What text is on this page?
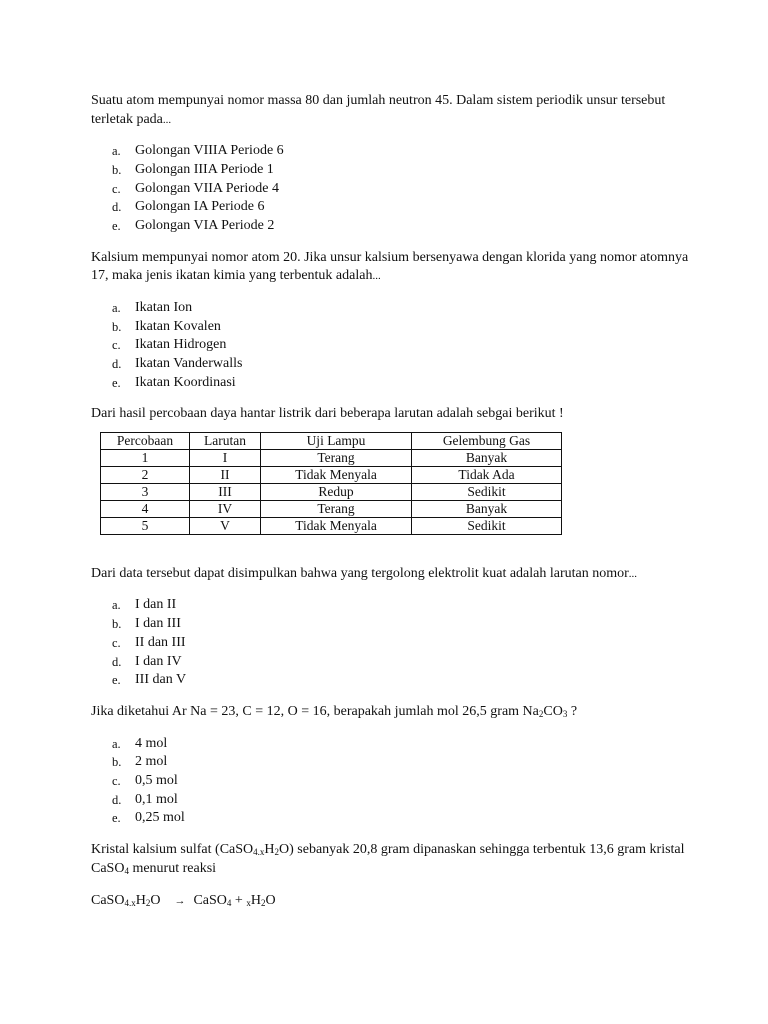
Suatu atom mempunyai nomor massa 80 dan jumlah neutron 45. Dalam sistem periodik unsur tersebut terletak pada...

a.	Golongan VIIIA Periode 6
b. Golongan IIIA Periode 1
c.	Golongan VIIA Periode 4
d. Golongan IA Periode 6
e.	Golongan VIA Periode 2

Kalsium mempunyai nomor atom 20. Jika unsur kalsium bersenyawa dengan klorida yang nomor atomnya 17, maka jenis ikatan kimia yang terbentuk adalah...

a.	Ikatan Ion
b. Ikatan Kovalen
c.	Ikatan Hidrogen
d. Ikatan Vanderwalls
e.	Ikatan Koordinasi

Dari hasil percobaan daya hantar listrik dari beberapa larutan adalah sebgai berikut !

Percobaan	Larutan	Uji Lampu	Gelembung Gas
1	I	Terang	Banyak
2	II	Tidak Menyala	Tidak Ada
3	III	Redup	Sedikit
4	IV	Terang	Banyak
5	V	Tidak Menyala	Sedikit

Dari data tersebut dapat disimpulkan bahwa yang tergolong elektrolit kuat adalah larutan nomor...

a.	I dan II
b. I dan III
c.	II dan III
d. I dan IV
e.	III dan V

Jika diketahui Ar Na = 23, C = 12, O = 16, berapakah jumlah mol 26,5 gram $Na_2CO_3$ ?

a.	4 mol
b. 2 mol
c.	0,5 mol
d. 0,1 mol
e.	0,25 mol

Kristal kalsium sulfat $(CaSO_{4.x}H_2O)$ sebanyak 20,8 gram dipanaskan sehingga terbentuk 13,6 gram kristal
CaSO$_4$ menurut reaksi

$CaSO_{4.x}H_2O$ → CaSO$_4$ + $_xH_2O$
